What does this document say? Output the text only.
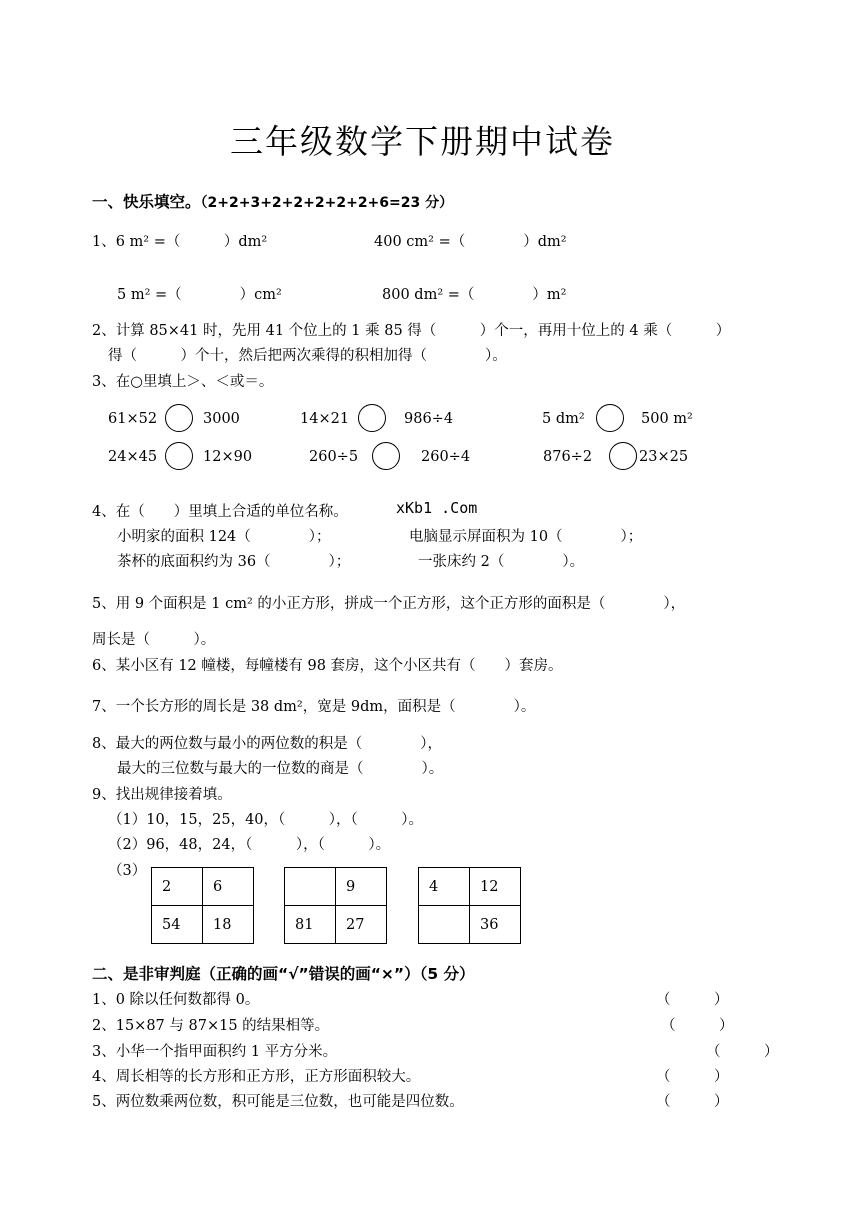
三年级数学下册期中试卷
一、快乐填空。（2+2+3+2+2+2+2+2+6=23 分）
1、6 m² =（　　　）dm²	400 cm² =（　　　　）dm²
5 m² =（　　　　）cm²	800 dm² =（　　　　）m²
2、计算 85×41 时，先用 41 个位上的 1 乘 85 得（　　　）个一，再用十位上的 4 乘（　　　）
得（　　　）个十，然后把两次乘得的积相加得（　　　　）。
3、在○里填上＞、＜或＝。
61×52	3000	14×21	986÷4	5 dm²	500 m²
24×45	12×90	260÷5	260÷4	876÷2	23×25
4、在（　　）里填上合适的单位名称。	xKb1 .Com
小明家的面积 124（　　　　）；	电脑显示屏面积为 10（　　　　）；
茶杯的底面积约为 36（　　　　）；	一张床约 2（　　　　）。
5、用 9 个面积是 1 cm² 的小正方形，拼成一个正方形，这个正方形的面积是（　　　　），
周长是（　　　）。
6、某小区有 12 幢楼，每幢楼有 98 套房，这个小区共有（　　）套房。
7、一个长方形的周长是 38 dm²，宽是 9dm，面积是（　　　　）。
8、最大的两位数与最小的两位数的积是（　　　　），
最大的三位数与最大的一位数的商是（　　　　）。
9、找出规律接着填。
（1）10，15，25，40，（　　　），（　　　）。
（2）96，48，24，（　　　），（　　　）。
（3）
2	6
54	18
	9
81	27
4	12
	36
二、是非审判庭（正确的画“√”错误的画“×”）（5 分）
1、0 除以任何数都得 0。	（　　　）
2、15×87 与 87×15 的结果相等。	（　　　）
3、小华一个指甲面积约 1 平方分米。	（　　　）
4、周长相等的长方形和正方形，正方形面积较大。	（　　　）
5、两位数乘两位数，积可能是三位数，也可能是四位数。	（　　　）
